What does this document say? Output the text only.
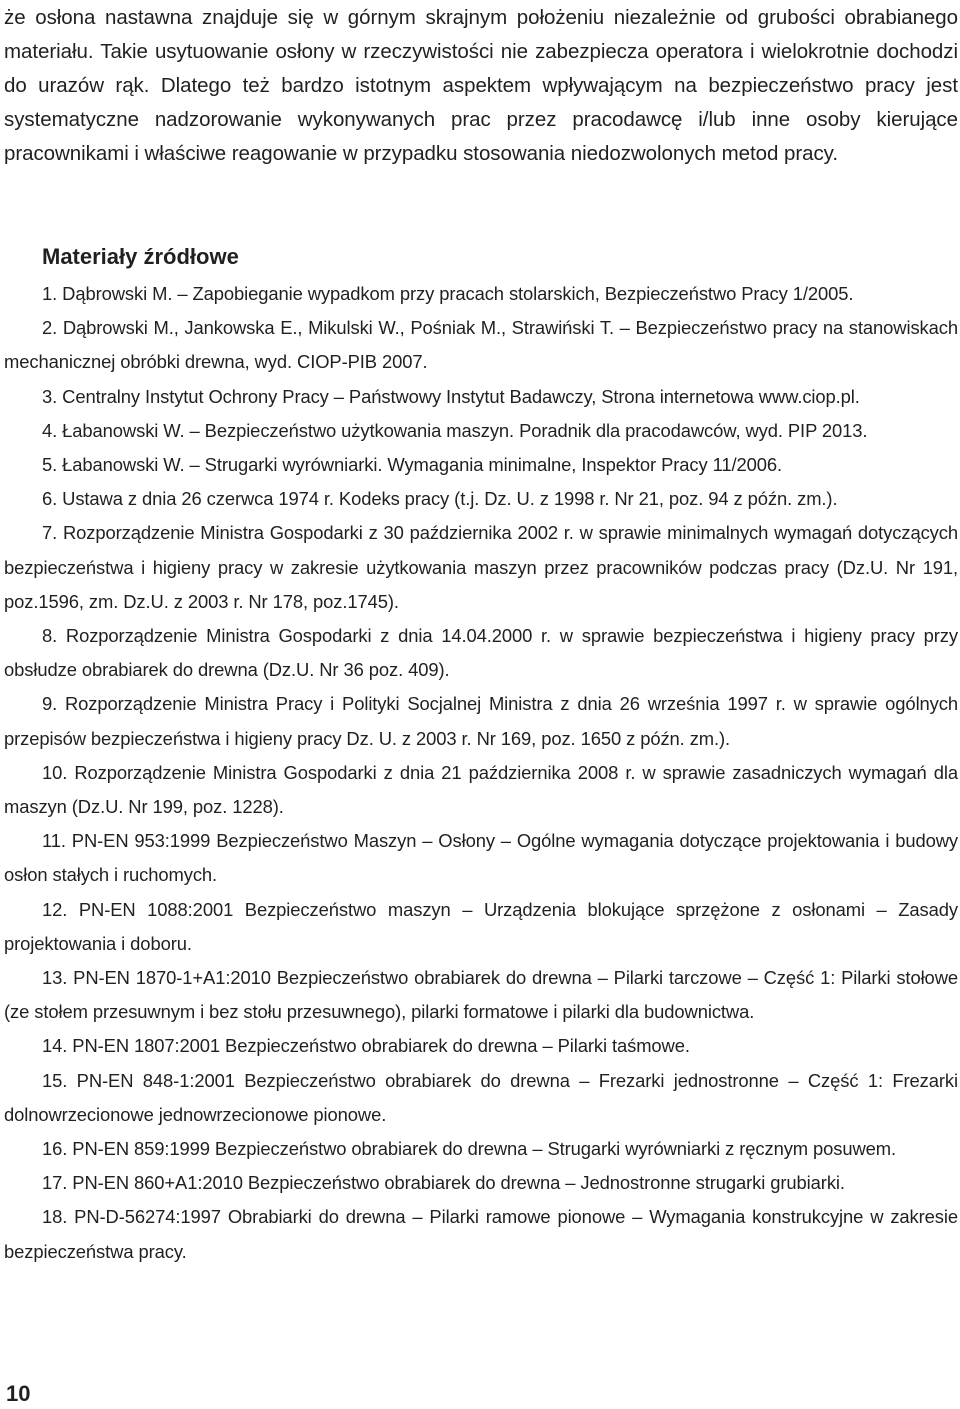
że osłona nastawna znajduje się w górnym skrajnym położeniu niezależnie od grubości obrabianego materiału. Takie usytuowanie osłony w rzeczywistości nie zabezpiecza operatora i wielokrotnie dochodzi do urazów rąk. Dlatego też bardzo istotnym aspektem wpływającym na bezpieczeństwo pracy jest systematyczne nadzorowanie wykonywanych prac przez pracodawcę i/lub inne osoby kierujące pracownikami i właściwe reagowanie w przypadku stosowania niedozwolonych metod pracy.

Materiały źródłowe
1. Dąbrowski M. – Zapobieganie wypadkom przy pracach stolarskich, Bezpieczeństwo Pracy 1/2005.
2. Dąbrowski M., Jankowska E., Mikulski W., Pośniak M., Strawiński T. – Bezpieczeństwo pracy na stanowiskach mechanicznej obróbki drewna, wyd. CIOP-PIB 2007.
3. Centralny Instytut Ochrony Pracy – Państwowy Instytut Badawczy, Strona internetowa www.ciop.pl.
4. Łabanowski W. – Bezpieczeństwo użytkowania maszyn. Poradnik dla pracodawców, wyd. PIP 2013.
5. Łabanowski W. – Strugarki wyrówniarki. Wymagania minimalne, Inspektor Pracy 11/2006.
6. Ustawa z dnia 26 czerwca 1974 r. Kodeks pracy (t.j. Dz. U. z 1998 r. Nr 21, poz. 94 z późn. zm.).
7. Rozporządzenie Ministra Gospodarki z 30 października 2002 r. w sprawie minimalnych wymagań dotyczących bezpieczeństwa i higieny pracy w zakresie użytkowania maszyn przez pracowników podczas pracy (Dz.U. Nr 191, poz.1596, zm. Dz.U. z 2003 r. Nr 178, poz.1745).
8. Rozporządzenie Ministra Gospodarki z dnia 14.04.2000 r. w sprawie bezpieczeństwa i higieny pracy przy obsłudze obrabiarek do drewna (Dz.U. Nr 36 poz. 409).
9. Rozporządzenie Ministra Pracy i Polityki Socjalnej Ministra z dnia 26 września 1997 r. w sprawie ogólnych przepisów bezpieczeństwa i higieny pracy Dz. U. z 2003 r. Nr 169, poz. 1650 z późn. zm.).
10. Rozporządzenie Ministra Gospodarki z dnia 21 października 2008 r. w sprawie zasadniczych wymagań dla maszyn (Dz.U. Nr 199, poz. 1228).
11. PN-EN 953:1999 Bezpieczeństwo Maszyn – Osłony – Ogólne wymagania dotyczące projektowania i budowy osłon stałych i ruchomych.
12. PN-EN 1088:2001 Bezpieczeństwo maszyn – Urządzenia blokujące sprzężone z osłonami – Zasady projektowania i doboru.
13. PN-EN 1870-1+A1:2010 Bezpieczeństwo obrabiarek do drewna – Pilarki tarczowe – Część 1: Pilarki stołowe (ze stołem przesuwnym i bez stołu przesuwnego), pilarki formatowe i pilarki dla budownictwa.
14. PN-EN 1807:2001 Bezpieczeństwo obrabiarek do drewna – Pilarki taśmowe.
15. PN-EN 848-1:2001 Bezpieczeństwo obrabiarek do drewna – Frezarki jednostronne – Część 1: Frezarki dolnowrzecionowe jednowrzecionowe pionowe.
16. PN-EN 859:1999 Bezpieczeństwo obrabiarek do drewna – Strugarki wyrówniarki z ręcznym posuwem.
17. PN-EN 860+A1:2010 Bezpieczeństwo obrabiarek do drewna – Jednostronne strugarki grubiarki.
18. PN-D-56274:1997 Obrabiarki do drewna – Pilarki ramowe pionowe – Wymagania konstrukcyjne w zakresie bezpieczeństwa pracy.
10
